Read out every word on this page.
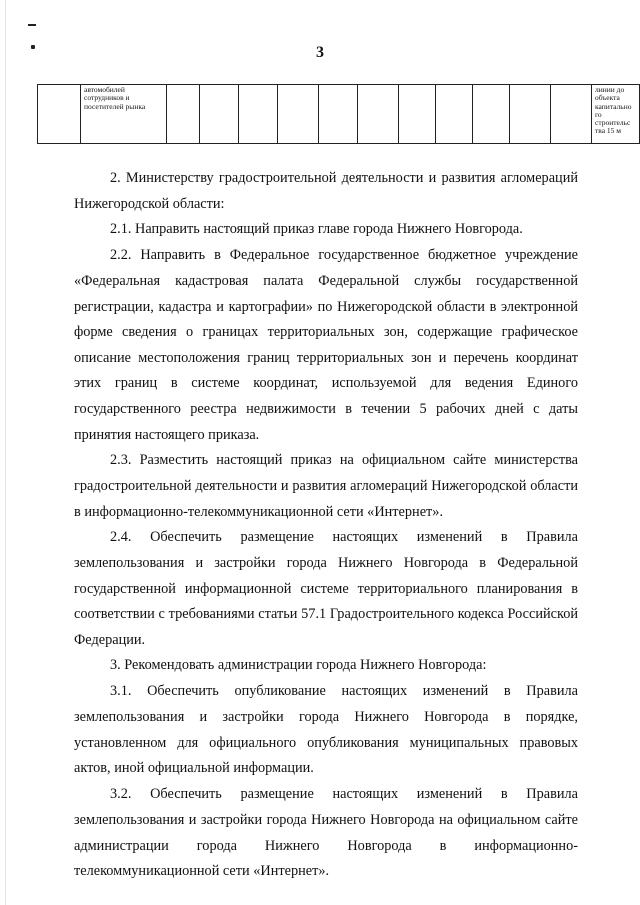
3
	автомобилей сотрудников и посетителей рынка												линии до объекта капитально го строительс тва 15 м
2. Министерству градостроительной деятельности и развития агломераций
Нижегородской области:
2.1. Направить настоящий приказ главе города Нижнего Новгорода.
2.2. Направить в Федеральное государственное бюджетное учреждение
«Федеральная кадастровая палата Федеральной службы государственной регистрации, кадастра и картографии» по Нижегородской области в электронной форме сведения о границах территориальных зон, содержащие графическое описание местоположения границ территориальных зон и перечень координат этих границ в системе координат, используемой для ведения Единого государственного реестра недвижимости в течении 5 рабочих дней с даты принятия настоящего приказа.
2.3. Разместить настоящий приказ на официальном сайте министерства
градостроительной деятельности и развития агломераций Нижегородской области в информационно-телекоммуникационной сети «Интернет».
2.4. Обеспечить размещение настоящих изменений в Правила
землепользования и застройки города Нижнего Новгорода в Федеральной государственной информационной системе территориального планирования в соответствии с требованиями статьи 57.1 Градостроительного кодекса Российской Федерации.
3. Рекомендовать администрации города Нижнего Новгорода:
3.1. Обеспечить опубликование настоящих изменений в Правила
землепользования и застройки города Нижнего Новгорода в порядке, установленном для официального опубликования муниципальных правовых актов, иной официальной информации.
3.2. Обеспечить размещение настоящих изменений в Правила
землепользования и застройки города Нижнего Новгорода на официальном сайте администрации города Нижнего Новгорода в информационно-телекоммуникационной сети «Интернет».
